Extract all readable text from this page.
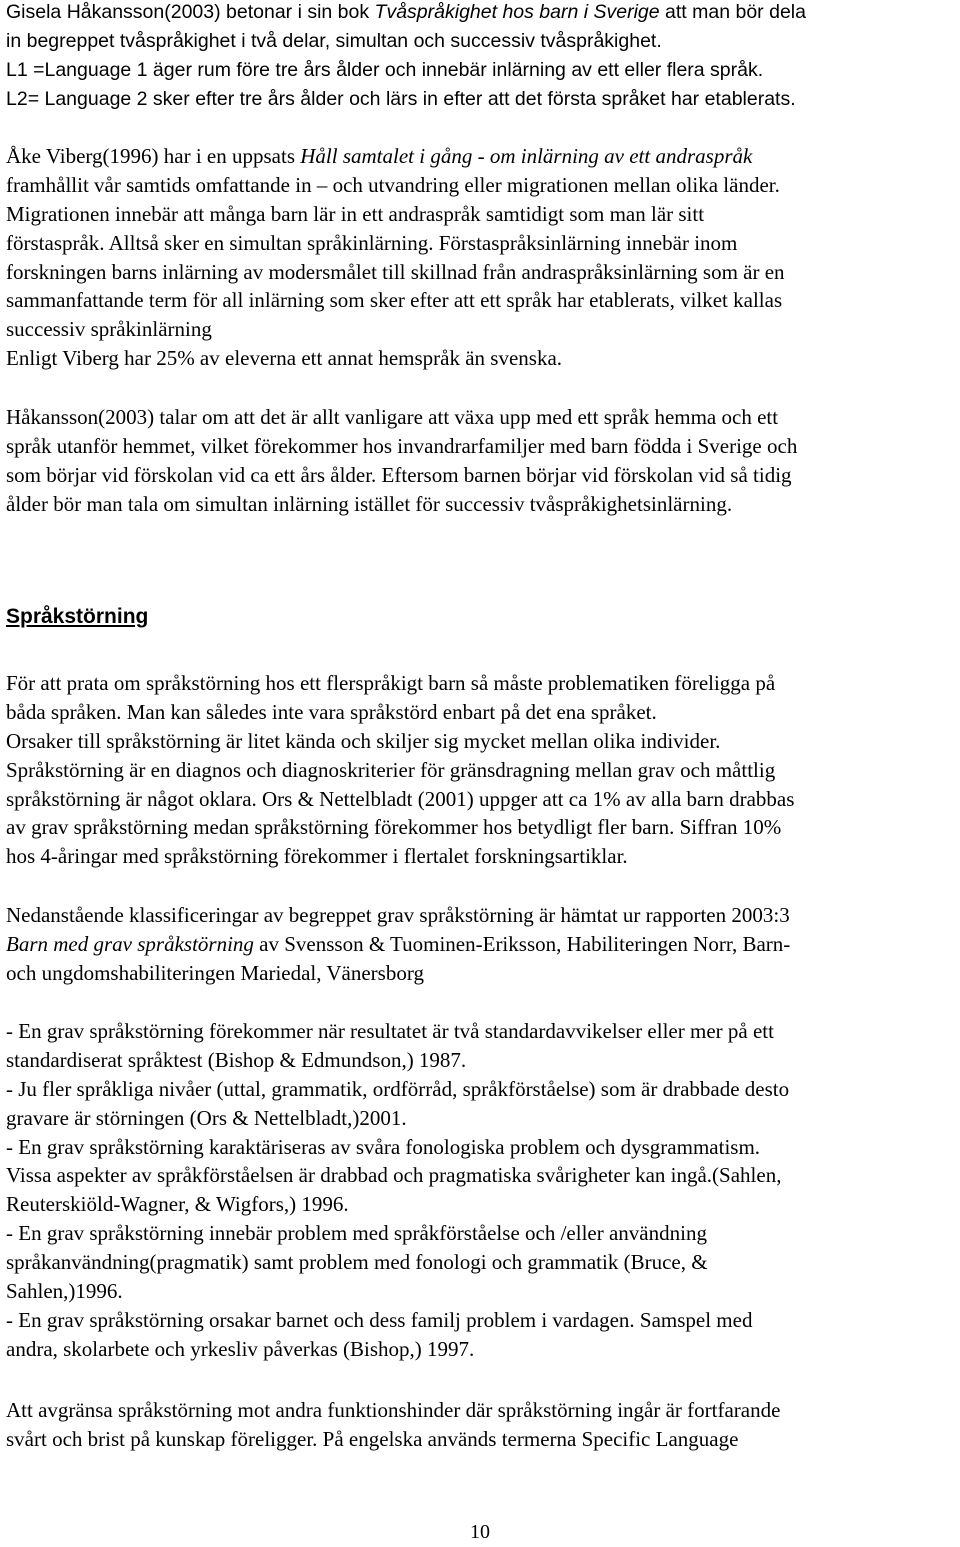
Gisela Håkansson(2003) betonar i sin bok Tvåspråkighet hos barn i Sverige att man bör dela
in begreppet tvåspråkighet i två delar, simultan och successiv tvåspråkighet.
L1 =Language 1 äger rum före tre års ålder och innebär inlärning av ett eller flera språk.
L2= Language 2 sker efter tre års ålder och lärs in efter att det första språket har etablerats.
Åke Viberg(1996) har i en uppsats Håll samtalet i gång - om inlärning av ett andraspråk
framhållit vår samtids omfattande in – och utvandring eller migrationen mellan olika länder.
Migrationen innebär att många barn lär in ett andraspråk samtidigt som man lär sitt
förstaspråk. Alltså sker en simultan språkinlärning. Förstaspråksinlärning innebär inom
forskningen barns inlärning av modersmålet till skillnad från andraspråksinlärning som är en
sammanfattande term för all inlärning som sker efter att ett språk har etablerats, vilket kallas
successiv språkinlärning
Enligt Viberg har 25% av eleverna ett annat hemspråk än svenska.
Håkansson(2003) talar om att det är allt vanligare att växa upp med ett språk hemma och ett
språk utanför hemmet, vilket förekommer hos invandrarfamiljer med barn födda i Sverige och
som börjar vid förskolan vid ca ett års ålder. Eftersom barnen börjar vid förskolan vid så tidig
ålder bör man tala om simultan inlärning istället för successiv tvåspråkighetsinlärning.
Språkstörning
För att prata om språkstörning hos ett flerspråkigt barn så måste problematiken föreligga på
båda språken. Man kan således inte vara språkstörd enbart på det ena språket.
Orsaker till språkstörning är litet kända och skiljer sig mycket mellan olika individer.
Språkstörning är en diagnos och diagnoskriterier för gränsdragning mellan grav och måttlig
språkstörning är något oklara. Ors & Nettelbladt (2001) uppger att ca 1% av alla barn drabbas
av grav språkstörning medan språkstörning förekommer hos betydligt fler barn. Siffran 10%
hos 4-åringar med språkstörning förekommer i flertalet forskningsartiklar.
Nedanstående klassificeringar av begreppet grav språkstörning är hämtat ur rapporten 2003:3
Barn med grav språkstörning av Svensson & Tuominen-Eriksson, Habiliteringen Norr, Barn-
och ungdomshabiliteringen Mariedal, Vänersborg
- En grav språkstörning förekommer när resultatet är två standardavvikelser eller mer på ett
standardiserat språktest (Bishop & Edmundson,) 1987.
- Ju fler språkliga nivåer (uttal, grammatik, ordförråd, språkförståelse) som är drabbade desto
gravare är störningen (Ors & Nettelbladt,)2001.
- En grav språkstörning karaktäriseras av svåra fonologiska problem och dysgrammatism.
Vissa aspekter av språkförståelsen är drabbad och pragmatiska svårigheter kan ingå.(Sahlen,
Reuterskiöld-Wagner, & Wigfors,) 1996.
- En grav språkstörning innebär problem med språkförståelse och /eller användning
språkanvändning(pragmatik) samt problem med fonologi och grammatik (Bruce, &
Sahlen,)1996.
- En grav språkstörning orsakar barnet och dess familj problem i vardagen. Samspel med
andra, skolarbete och yrkesliv påverkas (Bishop,) 1997.
Att avgränsa språkstörning mot andra funktionshinder där språkstörning ingår är fortfarande
svårt och brist på kunskap föreligger. På engelska används termerna Specific Language
10
